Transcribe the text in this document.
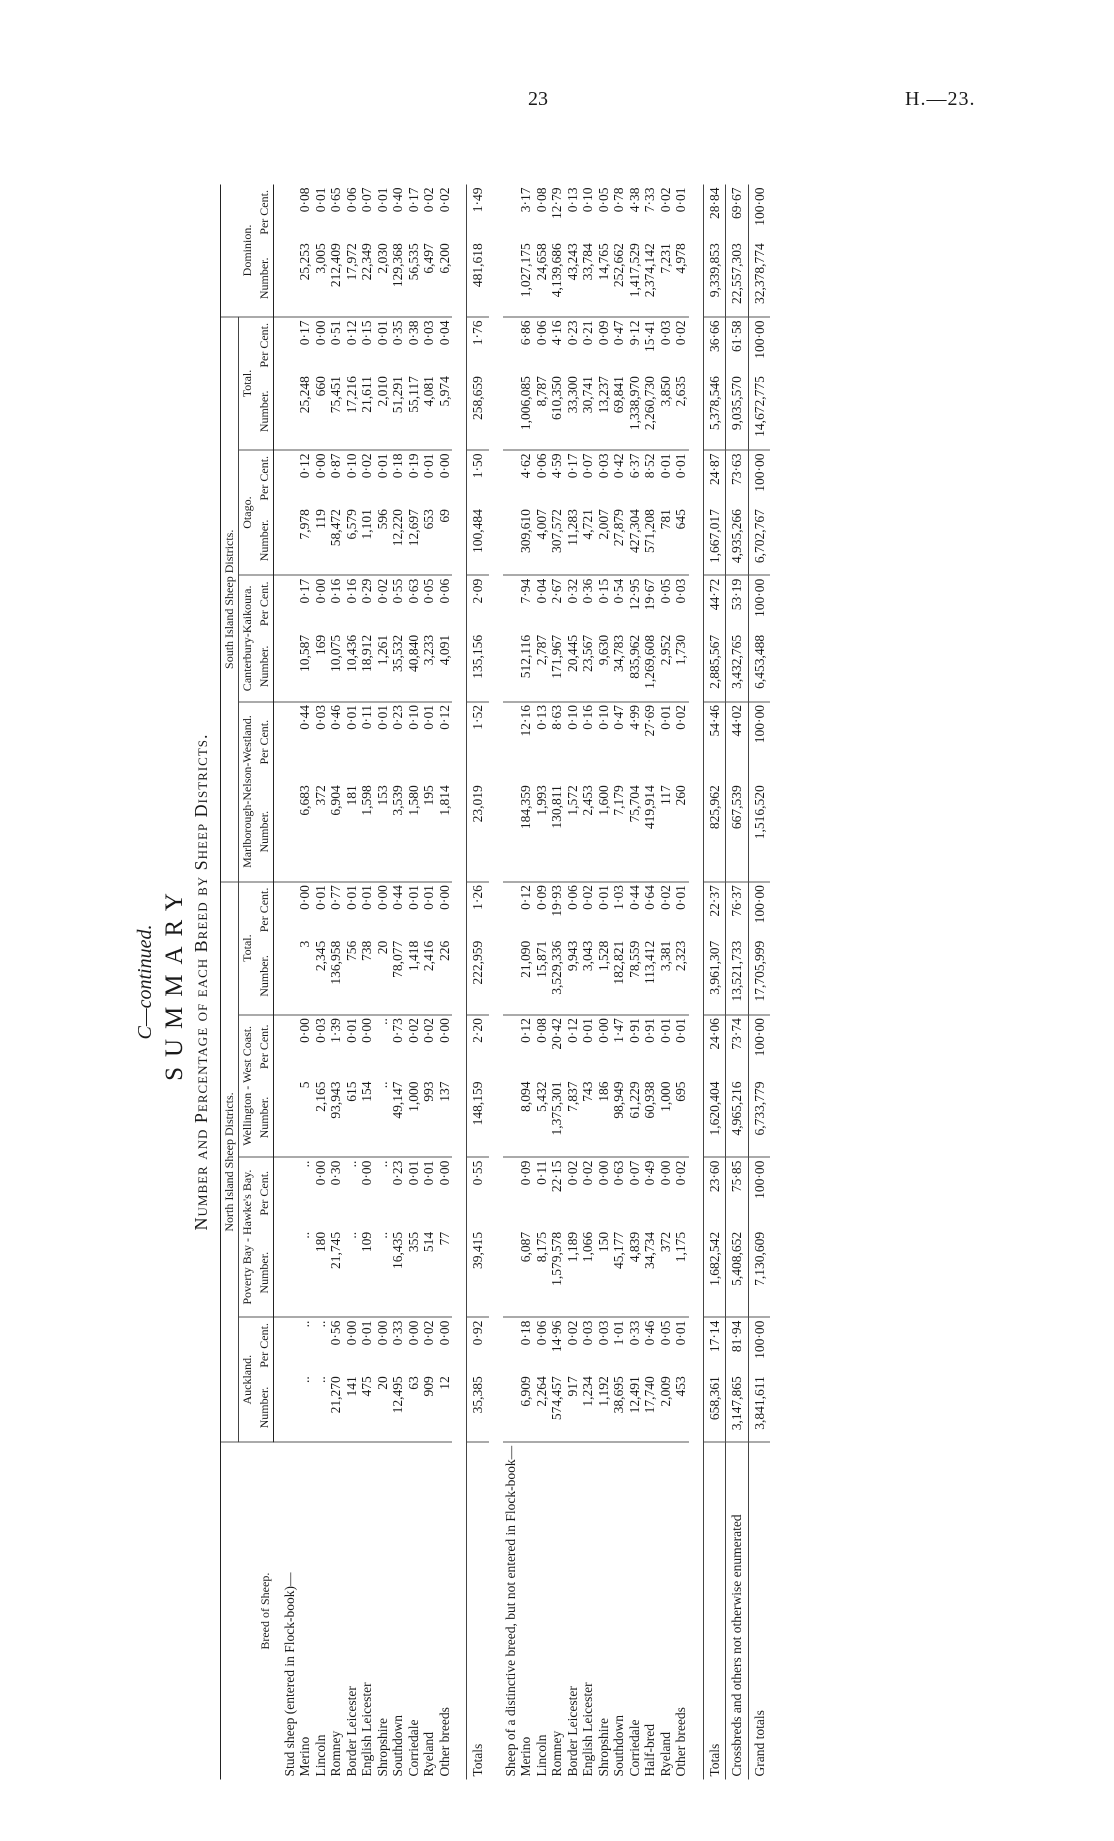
23	H.—23.
C—continued. SUMMARY Number and Percentage of each Breed by Sheep Districts.
Breed of Sheep.	North Island Sheep Districts.								South Island Sheep Districts.								Dominion.	
	Auckland.		Poverty Bay - Hawke's Bay.		Wellington - West Coast.		Total.		Marlborough-Nelson-Westland.		Canterbury-Kaikoura.		Otago.		Total.			
	Number.	Per Cent.	Number.	Per Cent.	Number.	Per Cent.	Number.	Per Cent.	Number.	Per Cent.	Number.	Per Cent.	Number.	Per Cent.	Number.	Per Cent.	Number.	Per Cent.
Stud sheep (entered in Flock-book)—																		
Merino	..	..	..	..	5	0·00	3	0·00	6,683	0·44	10,587	0·17	7,978	0·12	25,248	0·17	25,253	0·08
Lincoln	..	..	180	0·00	2,165	0·03	2,345	0·01	372	0·03	169	0·00	119	0·00	660	0·00	3,005	0·01
Romney	21,270	0·56	21,745	0·30	93,943	1·39	136,958	0·77	6,904	0·46	10,075	0·16	58,472	0·87	75,451	0·51	212,409	0·65
Border Leicester	141	0·00	..	..	615	0·01	756	0·01	181	0·01	10,436	0·16	6,579	0·10	17,216	0·12	17,972	0·06
English Leicester	475	0·01	109	0·00	154	0·00	738	0·01	1,598	0·11	18,912	0·29	1,101	0·02	21,611	0·15	22,349	0·07
Shropshire	20	0·00	..	..	..	..	20	0·00	153	0·01	1,261	0·02	596	0·01	2,010	0·01	2,030	0·01
Southdown	12,495	0·33	16,435	0·23	49,147	0·73	78,077	0·44	3,539	0·23	35,532	0·55	12,220	0·18	51,291	0·35	129,368	0·40
Corriedale	63	0·00	355	0·01	1,000	0·02	1,418	0·01	1,580	0·10	40,840	0·63	12,697	0·19	55,117	0·38	56,535	0·17
Ryeland	909	0·02	514	0·01	993	0·02	2,416	0·01	195	0·01	3,233	0·05	653	0·01	4,081	0·03	6,497	0·02
Other breeds	12	0·00	77	0·00	137	0·00	226	0·00	1,814	0·12	4,091	0·06	69	0·00	5,974	0·04	6,200	0·02

Totals	35,385	0·92	39,415	0·55	148,159	2·20	222,959	1·26	23,019	1·52	135,156	2·09	100,484	1·50	258,659	1·76	481,618	1·49

Sheep of a distinctive breed, but not entered in Flock-book—																		
Merino	6,909	0·18	6,087	0·09	8,094	0·12	21,090	0·12	184,359	12·16	512,116	7·94	309,610	4·62	1,006,085	6·86	1,027,175	3·17
Lincoln	2,264	0·06	8,175	0·11	5,432	0·08	15,871	0·09	1,993	0·13	2,787	0·04	4,007	0·06	8,787	0·06	24,658	0·08
Romney	574,457	14·96	1,579,578	22·15	1,375,301	20·42	3,529,336	19·93	130,811	8·63	171,967	2·67	307,572	4·59	610,350	4·16	4,139,686	12·79
Border Leicester	917	0·02	1,189	0·02	7,837	0·12	9,943	0·06	1,572	0·10	20,445	0·32	11,283	0·17	33,300	0·23	43,243	0·13
English Leicester	1,234	0·03	1,066	0·02	743	0·01	3,043	0·02	2,453	0·16	23,567	0·36	4,721	0·07	30,741	0·21	33,784	0·10
Shropshire	1,192	0·03	150	0·00	186	0·00	1,528	0·01	1,600	0·10	9,630	0·15	2,007	0·03	13,237	0·09	14,765	0·05
Southdown	38,695	1·01	45,177	0·63	98,949	1·47	182,821	1·03	7,179	0·47	34,783	0·54	27,879	0·42	69,841	0·47	252,662	0·78
Corriedale	12,491	0·33	4,839	0·07	61,229	0·91	78,559	0·44	75,704	4·99	835,962	12·95	427,304	6·37	1,338,970	9·12	1,417,529	4·38
Half-bred	17,740	0·46	34,734	0·49	60,938	0·91	113,412	0·64	419,914	27·69	1,269,608	19·67	571,208	8·52	2,260,730	15·41	2,374,142	7·33
Ryeland	2,009	0·05	372	0·00	1,000	0·01	3,381	0·02	117	0·01	2,952	0·05	781	0·01	3,850	0·03	7,231	0·02
Other breeds	453	0·01	1,175	0·02	695	0·01	2,323	0·01	260	0·02	1,730	0·03	645	0·01	2,635	0·02	4,978	0·01

Totals	658,361	17·14	1,682,542	23·60	1,620,404	24·06	3,961,307	22·37	825,962	54·46	2,885,567	44·72	1,667,017	24·87	5,378,546	36·66	9,339,853	28·84
Crossbreds and others not otherwise enumerated	3,147,865	81·94	5,408,652	75·85	4,965,216	73·74	13,521,733	76·37	667,539	44·02	3,432,765	53·19	4,935,266	73·63	9,035,570	61·58	22,557,303	69·67
Grand totals	3,841,611	100·00	7,130,609	100·00	6,733,779	100·00	17,705,999	100·00	1,516,520	100·00	6,453,488	100·00	6,702,767	100·00	14,672,775	100·00	32,378,774	100·00
